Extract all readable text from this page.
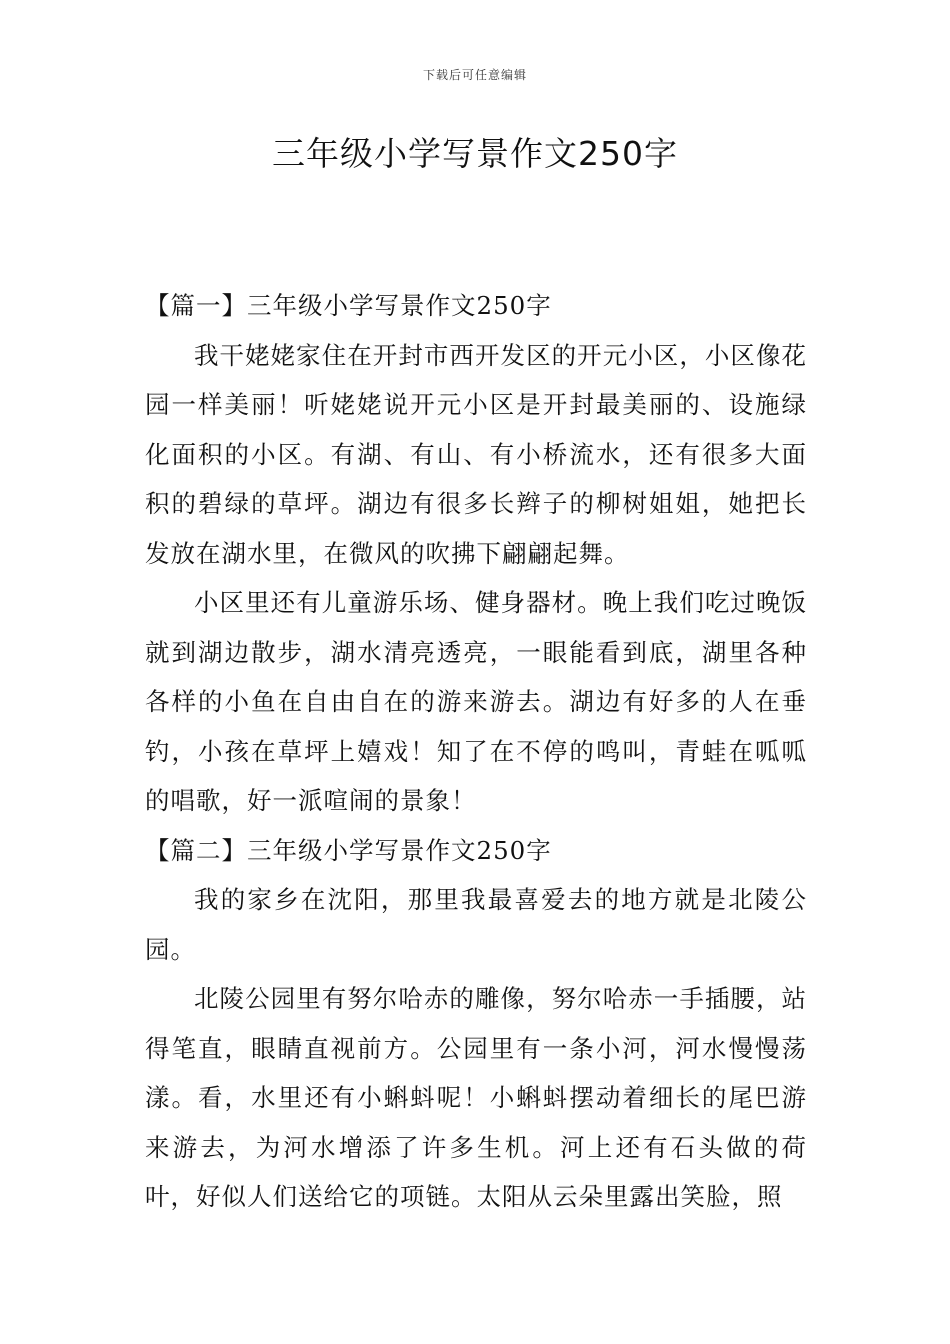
下载后可任意编辑
三年级小学写景作文250字

【篇一】三年级小学写景作文250字

我干姥姥家住在开封市西开发区的开元小区，小区像花园一样美丽！听姥姥说开元小区是开封最美丽的、设施绿化面积的小区。有湖、有山、有小桥流水，还有很多大面积的碧绿的草坪。湖边有很多长辫子的柳树姐姐，她把长发放在湖水里，在微风的吹拂下翩翩起舞。

小区里还有儿童游乐场、健身器材。晚上我们吃过晚饭就到湖边散步，湖水清亮透亮，一眼能看到底，湖里各种各样的小鱼在自由自在的游来游去。湖边有好多的人在垂钓，小孩在草坪上嬉戏！知了在不停的鸣叫，青蛙在呱呱的唱歌，好一派喧闹的景象！

【篇二】三年级小学写景作文250字

我的家乡在沈阳，那里我最喜爱去的地方就是北陵公园。

北陵公园里有努尔哈赤的雕像，努尔哈赤一手插腰，站得笔直，眼睛直视前方。公园里有一条小河，河水慢慢荡漾。看，水里还有小蝌蚪呢！小蝌蚪摆动着细长的尾巴游来游去，为河水增添了许多生机。河上还有石头做的荷叶，好似人们送给它的项链。太阳从云朵里露出笑脸，照
